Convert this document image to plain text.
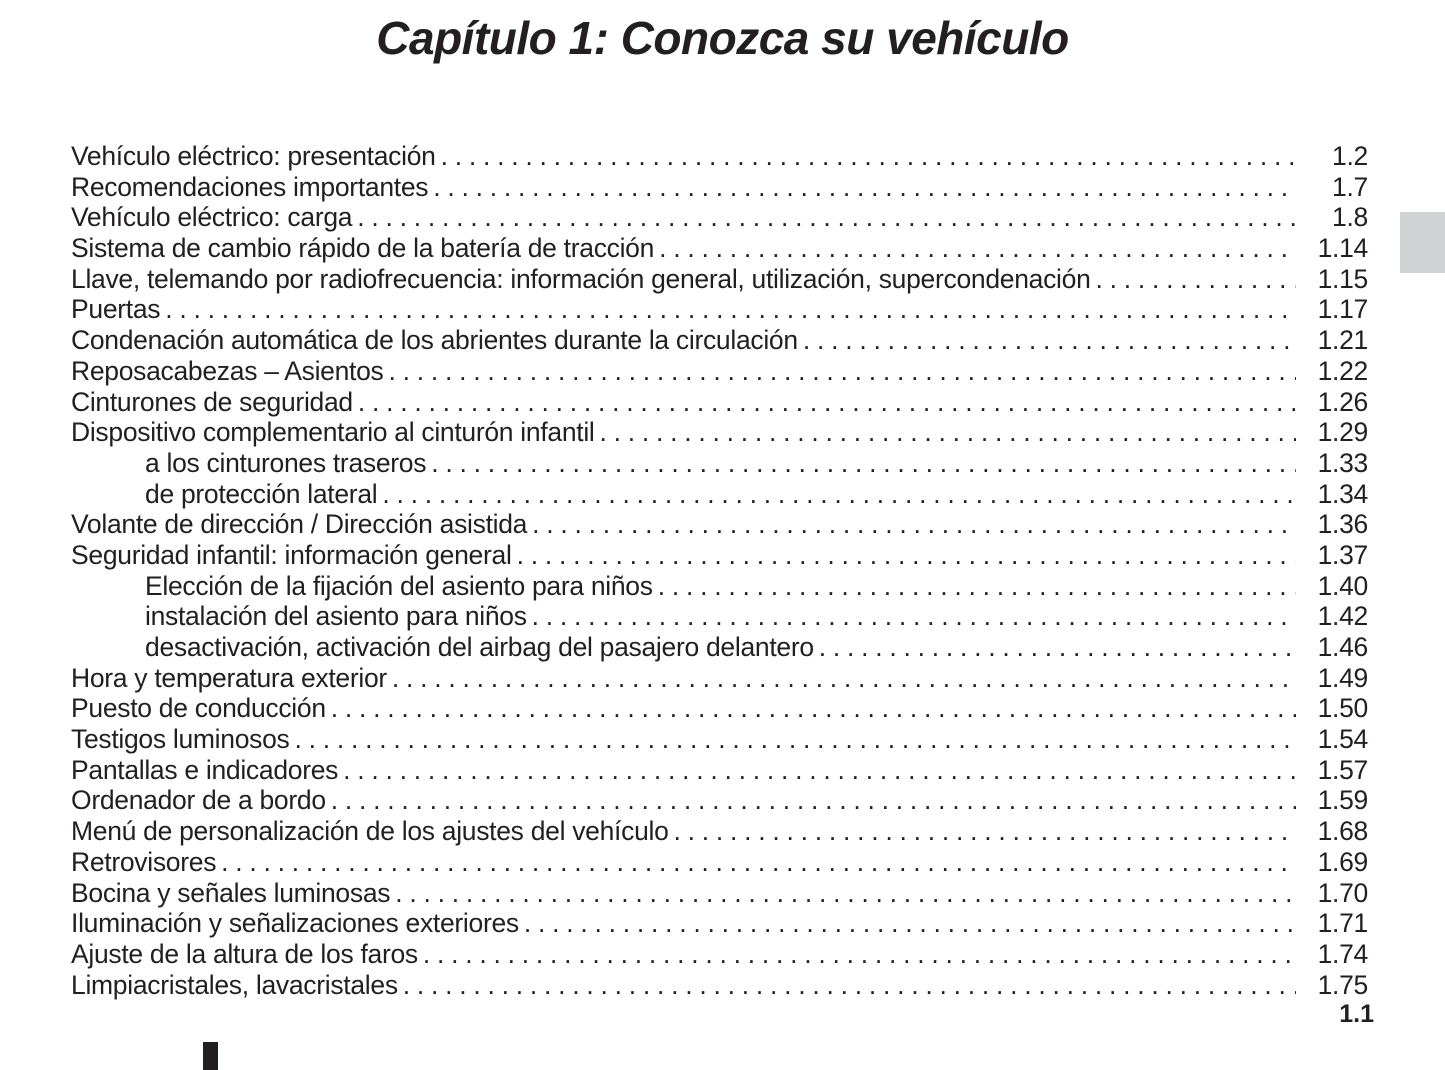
Capítulo 1: Conozca su vehículo
Vehículo eléctrico: presentación . . .	1.2
Recomendaciones importantes . . .	1.7
Vehículo eléctrico: carga . . .	1.8
Sistema de cambio rápido de la batería de tracción . . .	1.14
Llave, telemando por radiofrecuencia: información general, utilización, supercondenación . . .	1.15
Puertas . . .	1.17
Condenación automática de los abrientes durante la circulación . . .	1.21
Reposacabezas – Asientos . . .	1.22
Cinturones de seguridad . . .	1.26
Dispositivo complementario al cinturón infantil . . .	1.29
a los cinturones traseros . . .	1.33
de protección lateral . . .	1.34
Volante de dirección / Dirección asistida . . .	1.36
Seguridad infantil: información general . . .	1.37
Elección de la fijación del asiento para niños . . .	1.40
instalación del asiento para niños . . .	1.42
desactivación, activación del airbag del pasajero delantero . . .	1.46
Hora y temperatura exterior . . .	1.49
Puesto de conducción . . .	1.50
Testigos luminosos . . .	1.54
Pantallas e indicadores . . .	1.57
Ordenador de a bordo . . .	1.59
Menú de personalización de los ajustes del vehículo . . .	1.68
Retrovisores . . .	1.69
Bocina y señales luminosas . . .	1.70
Iluminación y señalizaciones exteriores . . .	1.71
Ajuste de la altura de los faros . . .	1.74
Limpiacristales, lavacristales . . .	1.75
1.1
